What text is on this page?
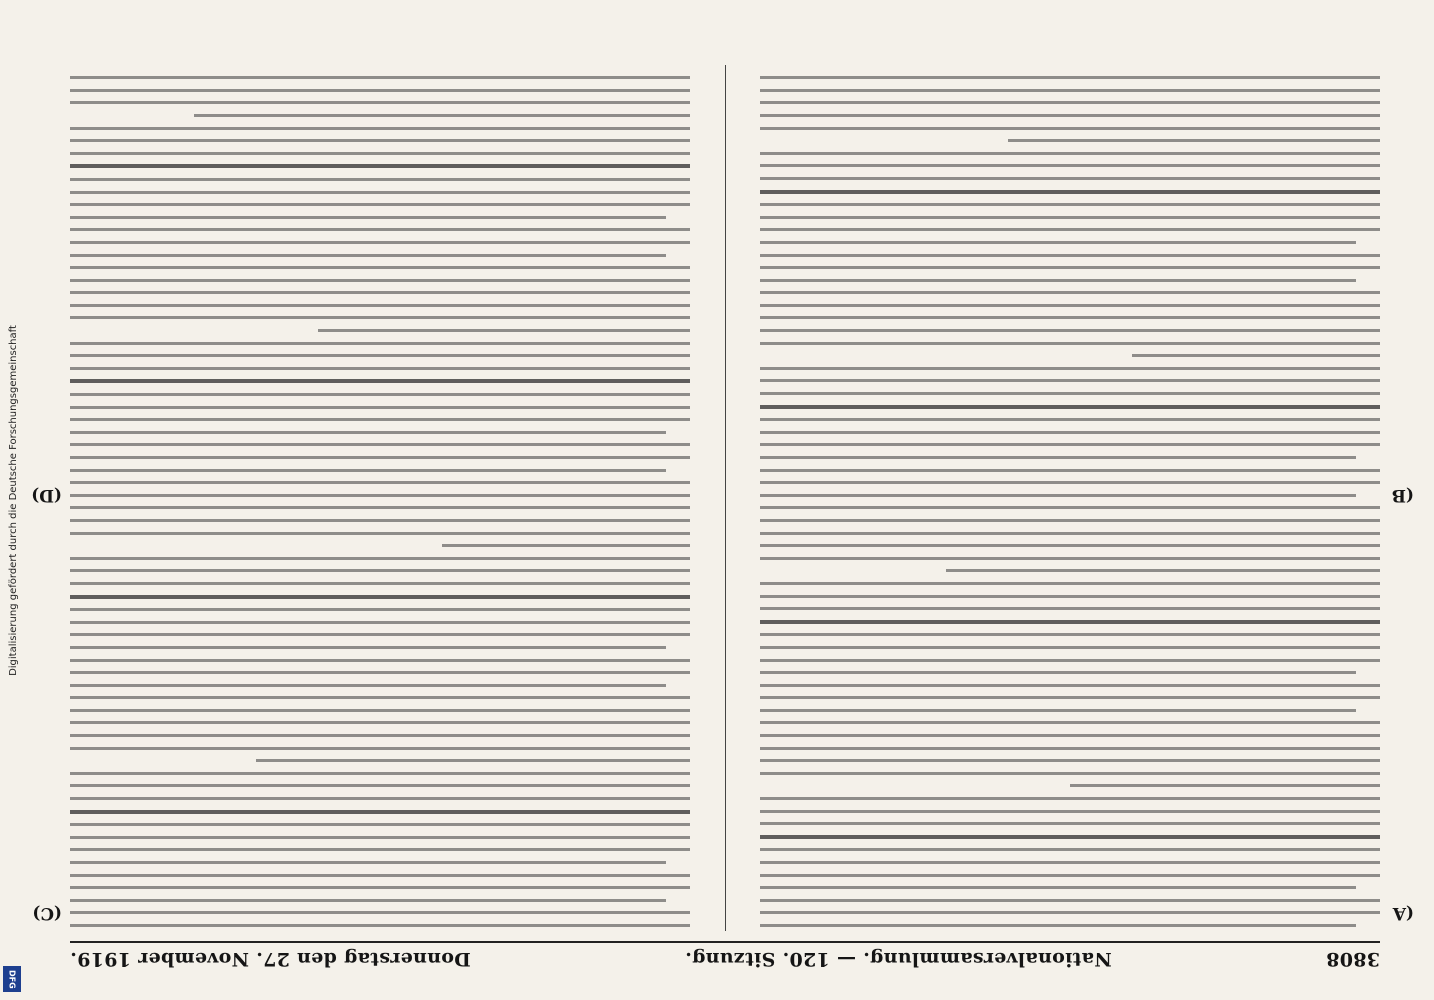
Digitalisierung gefördert durch die Deutsche Forschungsgemeinschaft
DFG
3808
Nationalversammlung. — 120. Sitzung.
Donnerstag den 27. November 1919.
(A
(B
(C)
(D)
